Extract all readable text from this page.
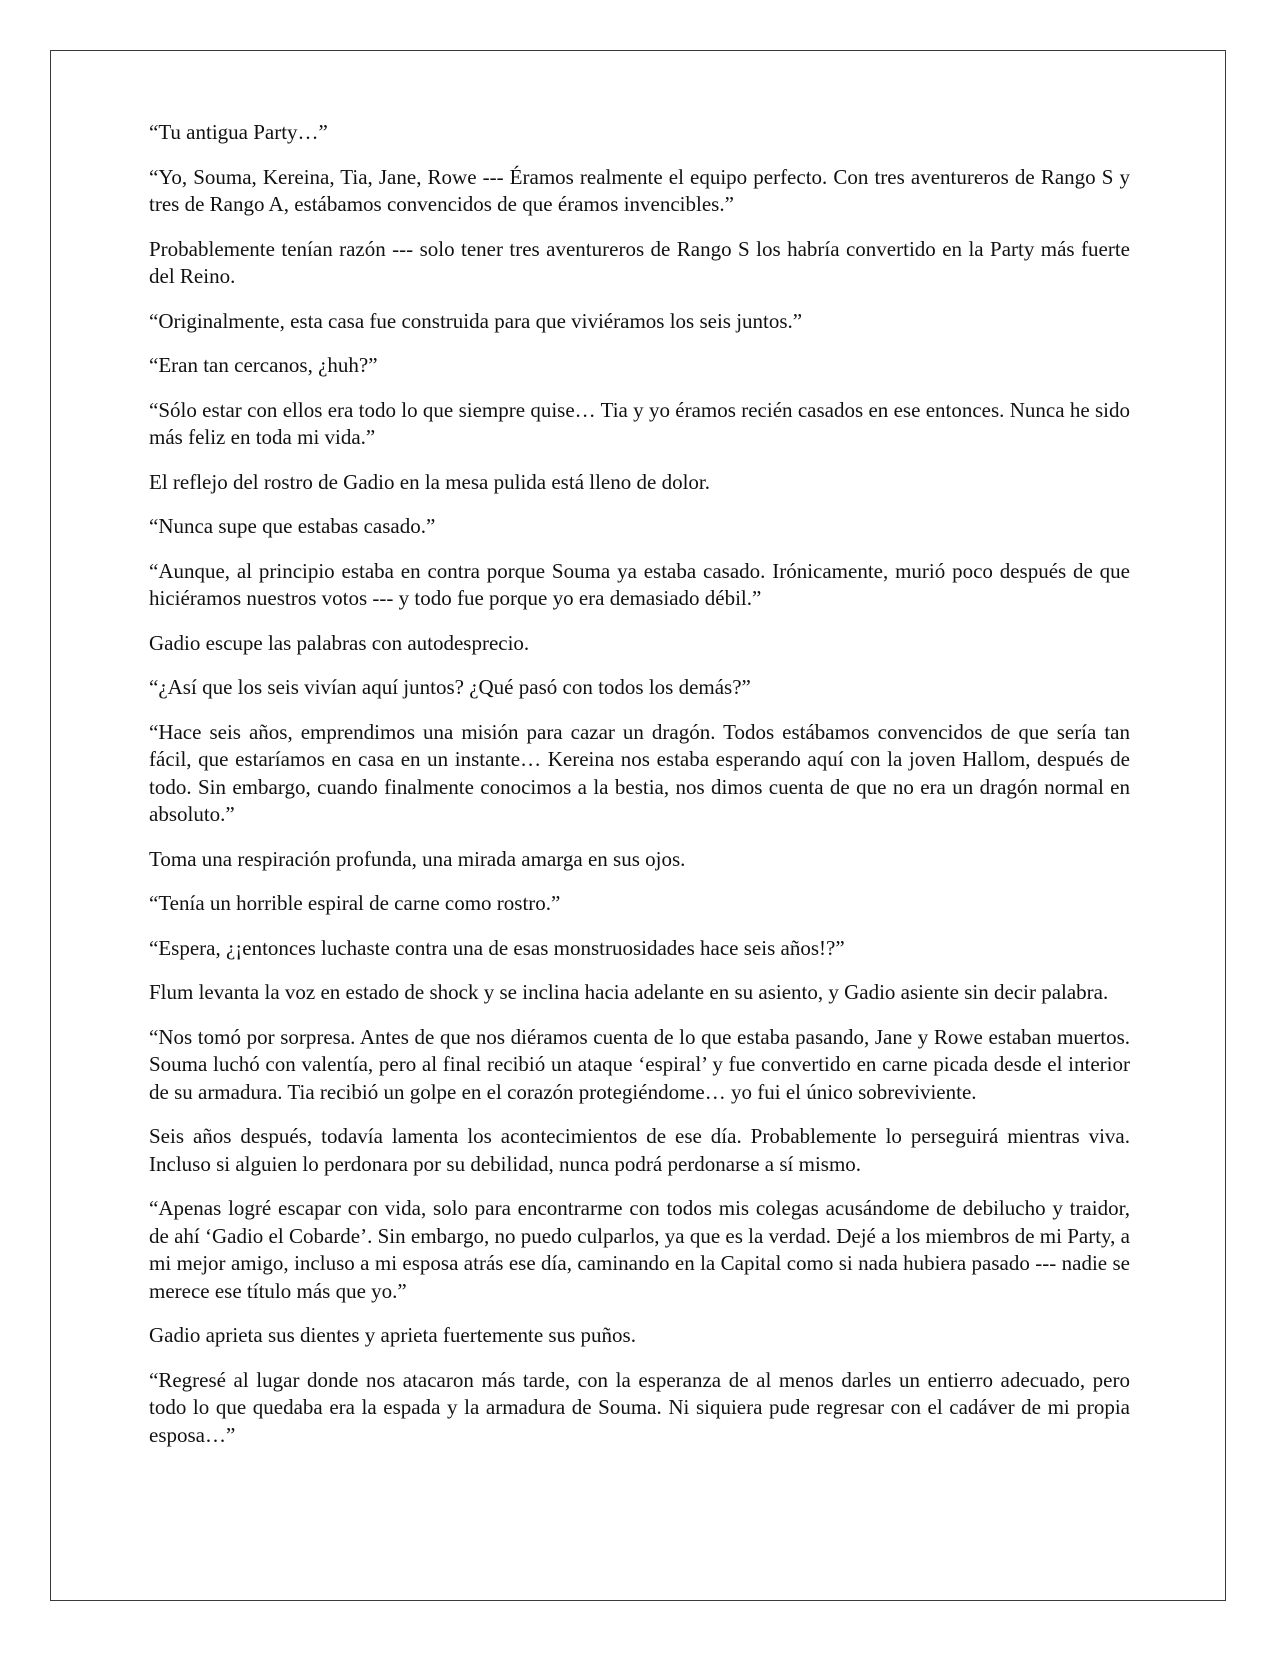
“Tu antigua Party…”

“Yo, Souma, Kereina, Tia, Jane, Rowe --- Éramos realmente el equipo perfecto. Con tres aventureros de Rango S y tres de Rango A, estábamos convencidos de que éramos invencibles.”

Probablemente tenían razón --- solo tener tres aventureros de Rango S los habría convertido en la Party más fuerte del Reino.

“Originalmente, esta casa fue construida para que viviéramos los seis juntos.”

“Eran tan cercanos, ¿huh?”

“Sólo estar con ellos era todo lo que siempre quise… Tia y yo éramos recién casados en ese entonces. Nunca he sido más feliz en toda mi vida.”

El reflejo del rostro de Gadio en la mesa pulida está lleno de dolor.

“Nunca supe que estabas casado.”

“Aunque, al principio estaba en contra porque Souma ya estaba casado. Irónicamente, murió poco después de que hiciéramos nuestros votos --- y todo fue porque yo era demasiado débil.”

Gadio escupe las palabras con autodesprecio.

“¿Así que los seis vivían aquí juntos? ¿Qué pasó con todos los demás?”

“Hace seis años, emprendimos una misión para cazar un dragón. Todos estábamos convencidos de que sería tan fácil, que estaríamos en casa en un instante… Kereina nos estaba esperando aquí con la joven Hallom, después de todo. Sin embargo, cuando finalmente conocimos a la bestia, nos dimos cuenta de que no era un dragón normal en absoluto.”

Toma una respiración profunda, una mirada amarga en sus ojos.

“Tenía un horrible espiral de carne como rostro.”

“Espera, ¿¡entonces luchaste contra una de esas monstruosidades hace seis años!?”

Flum levanta la voz en estado de shock y se inclina hacia adelante en su asiento, y Gadio asiente sin decir palabra.

“Nos tomó por sorpresa. Antes de que nos diéramos cuenta de lo que estaba pasando, Jane y Rowe estaban muertos. Souma luchó con valentía, pero al final recibió un ataque ‘espiral’ y fue convertido en carne picada desde el interior de su armadura. Tia recibió un golpe en el corazón protegiéndome… yo fui el único sobreviviente.

Seis años después, todavía lamenta los acontecimientos de ese día. Probablemente lo perseguirá mientras viva. Incluso si alguien lo perdonara por su debilidad, nunca podrá perdonarse a sí mismo.

“Apenas logré escapar con vida, solo para encontrarme con todos mis colegas acusándome de debilucho y traidor, de ahí ‘Gadio el Cobarde’. Sin embargo, no puedo culparlos, ya que es la verdad. Dejé a los miembros de mi Party, a mi mejor amigo, incluso a mi esposa atrás ese día, caminando en la Capital como si nada hubiera pasado --- nadie se merece ese título más que yo.”

Gadio aprieta sus dientes y aprieta fuertemente sus puños.

“Regresé al lugar donde nos atacaron más tarde, con la esperanza de al menos darles un entierro adecuado, pero todo lo que quedaba era la espada y la armadura de Souma. Ni siquiera pude regresar con el cadáver de mi propia esposa…”
